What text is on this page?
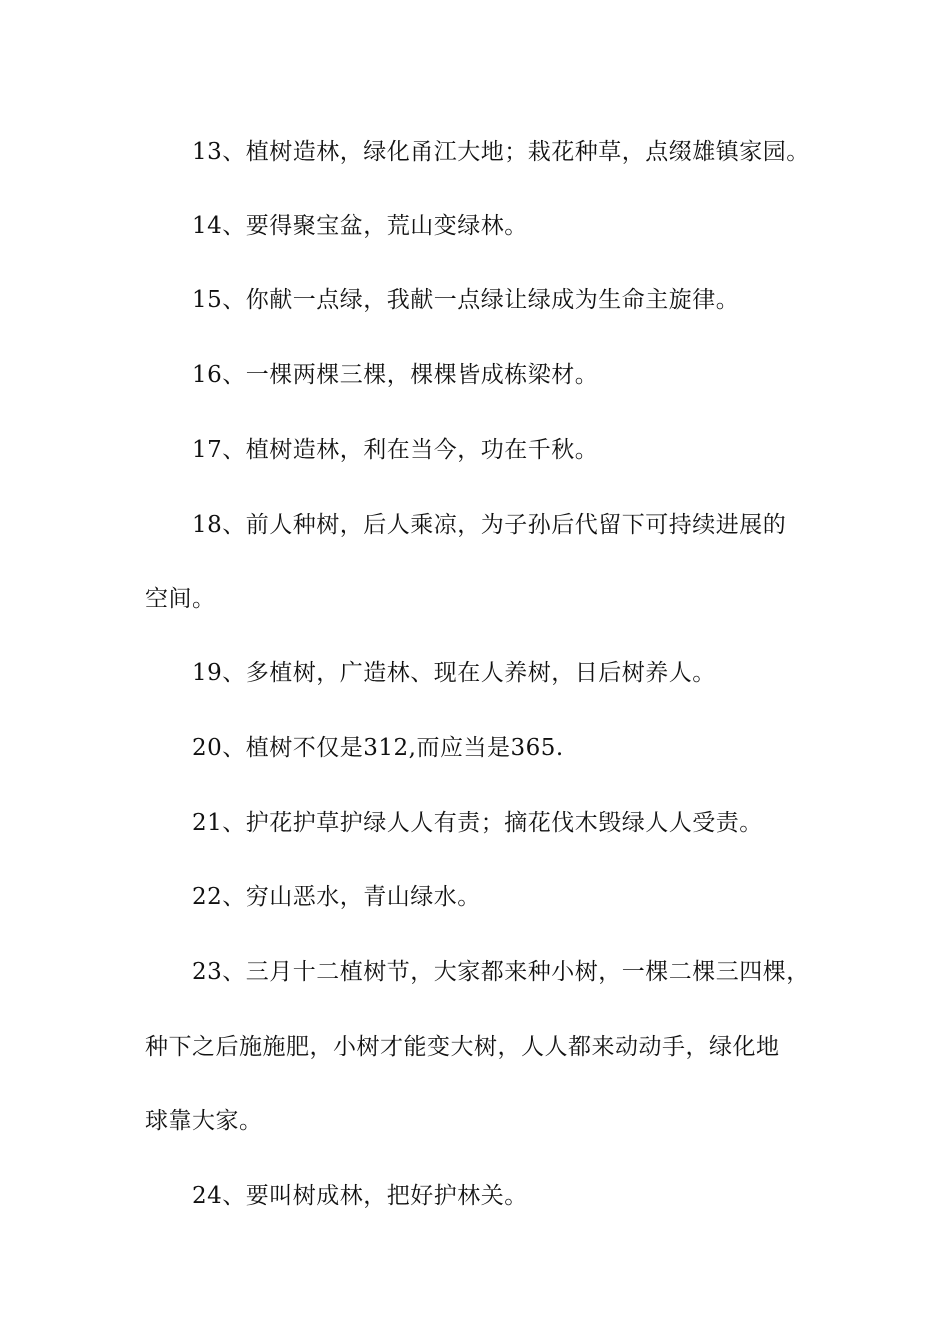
13、植树造林，绿化甬江大地；栽花种草，点缀雄镇家园。
14、要得聚宝盆，荒山变绿林。
15、你献一点绿，我献一点绿让绿成为生命主旋律。
16、一棵两棵三棵，棵棵皆成栋梁材。
17、植树造林，利在当今，功在千秋。
18、前人种树，后人乘凉，为子孙后代留下可持续进展的
空间。
19、多植树，广造林、现在人养树，日后树养人。
20、植树不仅是312,而应当是365.
21、护花护草护绿人人有责；摘花伐木毁绿人人受责。
22、穷山恶水，青山绿水。
23、三月十二植树节，大家都来种小树，一棵二棵三四棵，
种下之后施施肥，小树才能变大树，人人都来动动手，绿化地
球靠大家。
24、要叫树成林，把好护林关。
